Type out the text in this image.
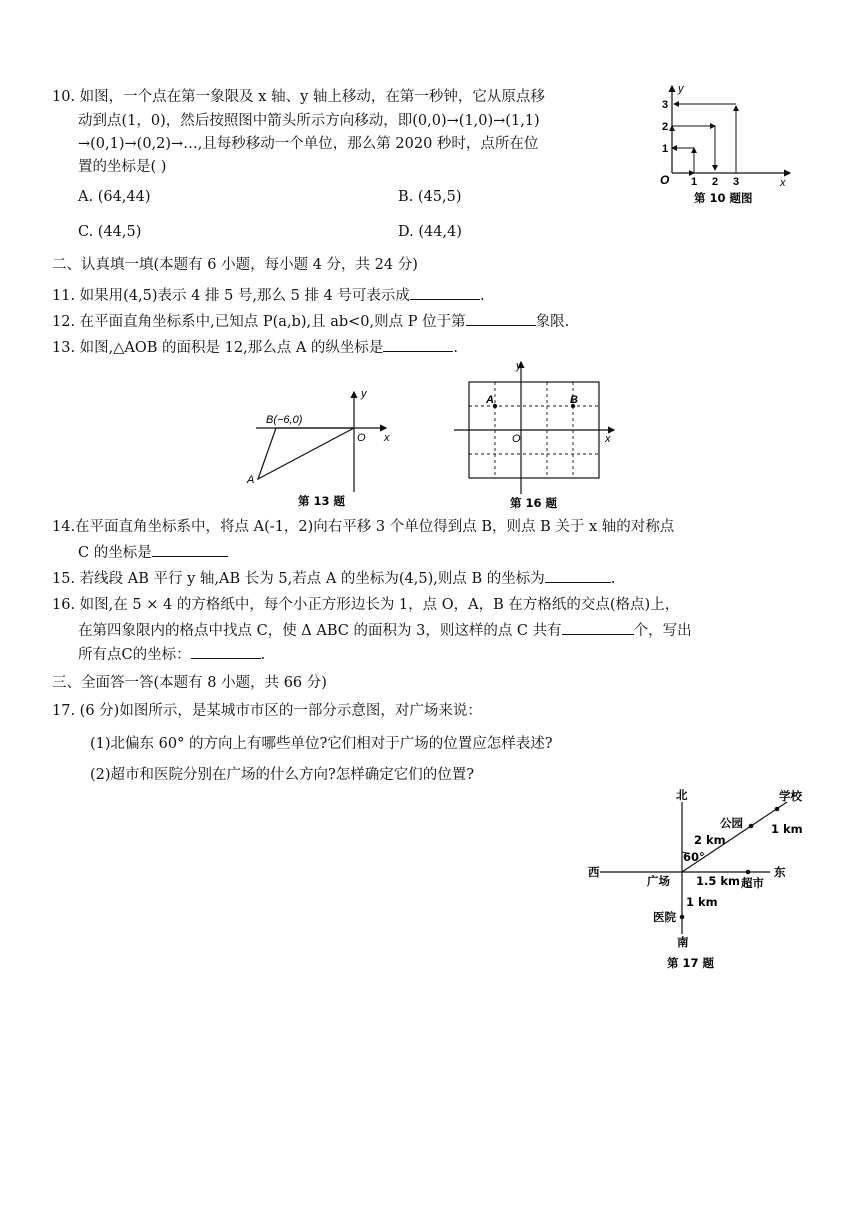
10. 如图，一个点在第一象限及 x 轴、y 轴上移动，在第一秒钟，它从原点移
动到点(1，0)，然后按照图中箭头所示方向移动，即(0,0)→(1,0)→(1,1)
→(0,1)→(0,2)→…,且每秒移动一个单位，那么第 2020 秒时，点所在位
置的坐标是( )
A. (64,44)	B. (45,5)
C. (44,5)	D. (44,4)
O
y
x
1 2 3
1
2
3
第 10 题图
二、认真填一填(本题有 6 小题，每小题 4 分，共 24 分)
11. 如果用(4,5)表示 4 排 5 号,那么 5 排 4 号可表示成	.
12. 在平面直角坐标系中,已知点 P(a,b),且 ab<0,则点 P 位于第	象限.
13. 如图,△AOB 的面积是 12,那么点 A 的纵坐标是	.
B(−6,0)
A
O
y
x
第 13 题
A	B
O
y
x
第 16 题
14.在平面直角坐标系中，将点 A(-1，2)向右平移 3 个单位得到点 B，则点 B 关于 x 轴的对称点
C 的坐标是
15. 若线段 AB 平行 y 轴,AB 长为 5,若点 A 的坐标为(4,5),则点 B 的坐标为	.
16. 如图,在 5 × 4 的方格纸中，每个小正方形边长为 1，点 O，A，B 在方格纸的交点(格点)上，
在第四象限内的格点中找点 C，使 Δ ABC 的面积为 3，则这样的点 C 共有	个，写出
所有点C的坐标：	.
三、全面答一答(本题有 8 小题，共 66 分)
17. (6 分)如图所示，是某城市市区的一部分示意图，对广场来说：
(1)北偏东 60° 的方向上有哪些单位?它们相对于广场的位置应怎样表述?
(2)超市和医院分别在广场的什么方向?怎样确定它们的位置?
北
南
东
西
广场
学校
公园
超市
医院
2 km
1 km
1.5 km
1 km
60°
第 17 题
